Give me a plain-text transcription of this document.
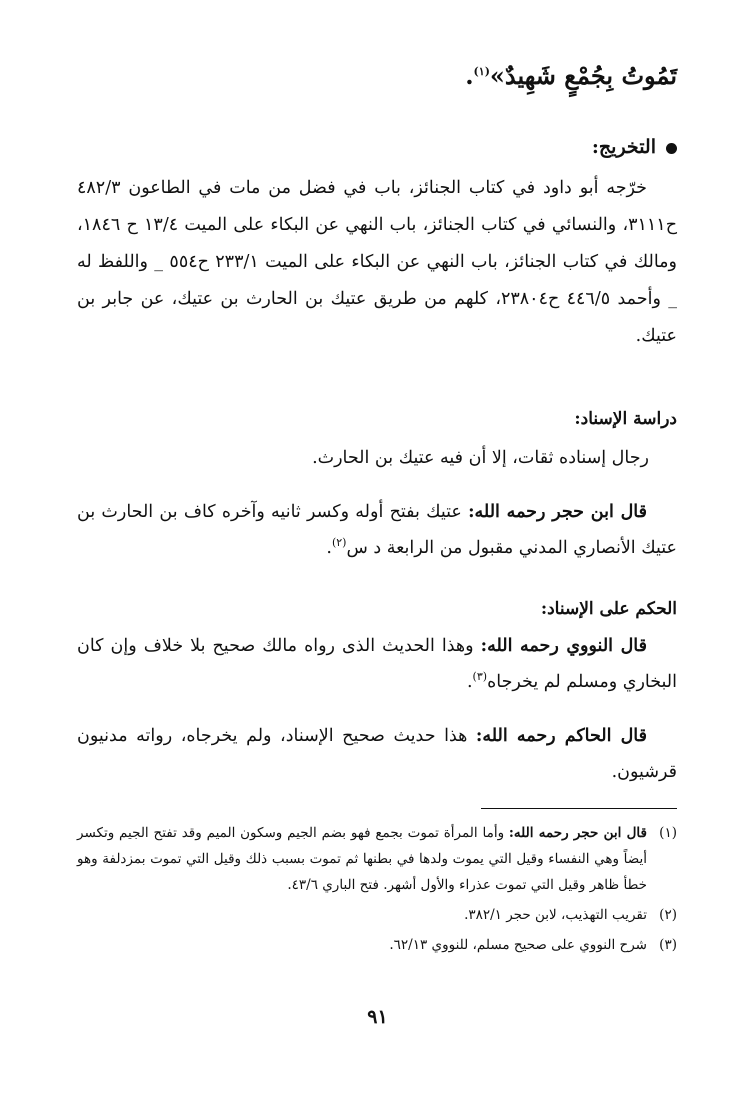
تَمُوتُ بِجُمْعٍ شَهِيدٌ»$^{(١)}$.
التخريج:

خرّجه أبو داود في كتاب الجنائز، باب في فضل من مات في الطاعون ٤٨٢/٣ ح٣١١١، والنسائي في كتاب الجنائز، باب النهي عن البكاء على الميت ١٣/٤ ح ١٨٤٦، ومالك في كتاب الجنائز، باب النهي عن البكاء على الميت ٢٣٣/١ ح٥٥٤ _ واللفظ له _ وأحمد ٤٤٦/٥ ح٢٣٨٠٤، كلهم من طريق عتيك بن الحارث بن عتيك، عن جابر بن عتيك.

دراسة الإسناد:
رجال إسناده ثقات، إلا أن فيه عتيك بن الحارث.

قال ابن حجر رحمه الله: عتيك بفتح أوله وكسر ثانيه وآخره كاف بن الحارث بن عتيك الأنصاري المدني مقبول من الرابعة د س$^{(٢)}$.

الحكم على الإسناد:

قال النووي رحمه الله: وهذا الحديث الذى رواه مالك صحيح بلا خلاف وإن كان البخاري ومسلم لم يخرجاه$^{(٣)}$.

قال الحاكم رحمه الله: هذا حديث صحيح الإسناد، ولم يخرجاه، رواته مدنيون قرشيون.

(١)
قال ابن حجر رحمه الله: وأما المرأة تموت بجمع فهو بضم الجيم وسكون الميم وقد تفتح الجيم وتكسر أيضاً وهي النفساء وقيل التي يموت ولدها في بطنها ثم تموت بسبب ذلك وقيل التي تموت بمزدلفة وهو خطأ ظاهر وقيل التي تموت عذراء والأول أشهر. فتح الباري ٤٣/٦.
(٢)
تقريب التهذيب، لابن حجر ٣٨٢/١.
(٣)
شرح النووي على صحيح مسلم، للنووي ٦٢/١٣.
٩١
